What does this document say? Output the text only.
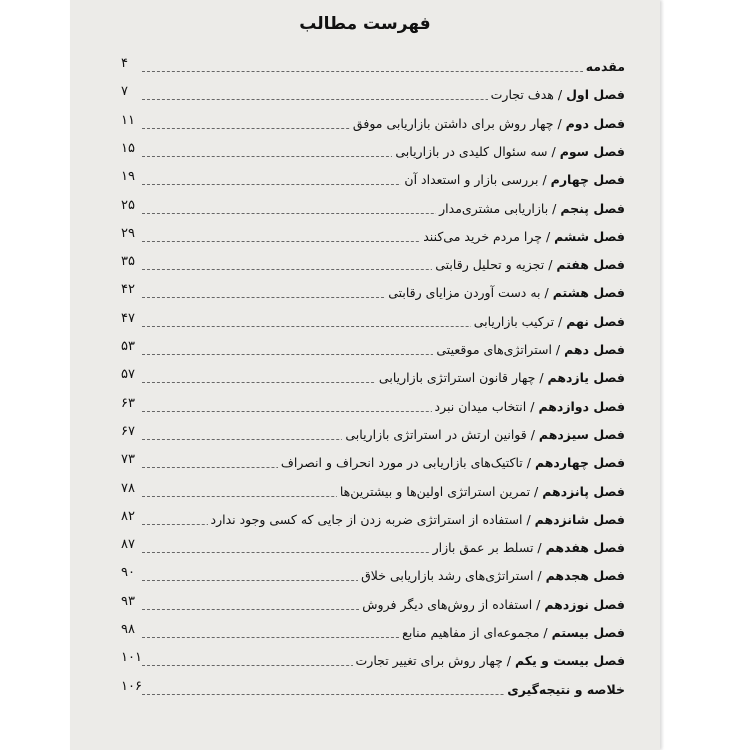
فهرست مطالب
مقدمه
۴
فصل اول / هدف تجارت
۷
فصل دوم / چهار روش برای داشتن بازاریابی موفق
۱۱
فصل سوم / سه سئوال کلیدی در بازاریابی
۱۵
فصل چهارم / بررسی بازار و استعداد آن
۱۹
فصل پنجم / بازاریابی مشتری‌مدار
۲۵
فصل ششم / چرا مردم خرید می‌کنند
۲۹
فصل هفتم / تجزیه و تحلیل رقابتی
۳۵
فصل هشتم / به دست آوردن مزایای رقابتی
۴۲
فصل نهم / ترکیب بازاریابی
۴۷
فصل دهم / استراتژی‌های موقعیتی
۵۳
فصل یازدهم / چهار قانون استراتژی بازاریابی
۵۷
فصل دوازدهم / انتخاب میدان نبرد
۶۳
فصل سیزدهم / قوانین ارتش در استراتژی بازاریابی
۶۷
فصل چهاردهم / تاکتیک‌های بازاریابی در مورد انحراف و انصراف
۷۳
فصل پانزدهم / تمرین استراتژی اولین‌ها و بیشترین‌ها
۷۸
فصل شانزدهم / استفاده از استراتژی ضربه زدن از جایی که کسی وجود ندارد
۸۲
فصل هفدهم / تسلط بر عمق بازار
۸۷
فصل هجدهم / استراتژی‌های رشد بازاریابی خلاق
۹۰
فصل نوزدهم / استفاده از روش‌های دیگر فروش
۹۳
فصل بیستم / مجموعه‌ای از مفاهیم منابع
۹۸
فصل بیست و یکم / چهار روش برای تغییر تجارت
۱۰۱
خلاصه و نتیجه‌گیری
۱۰۶
